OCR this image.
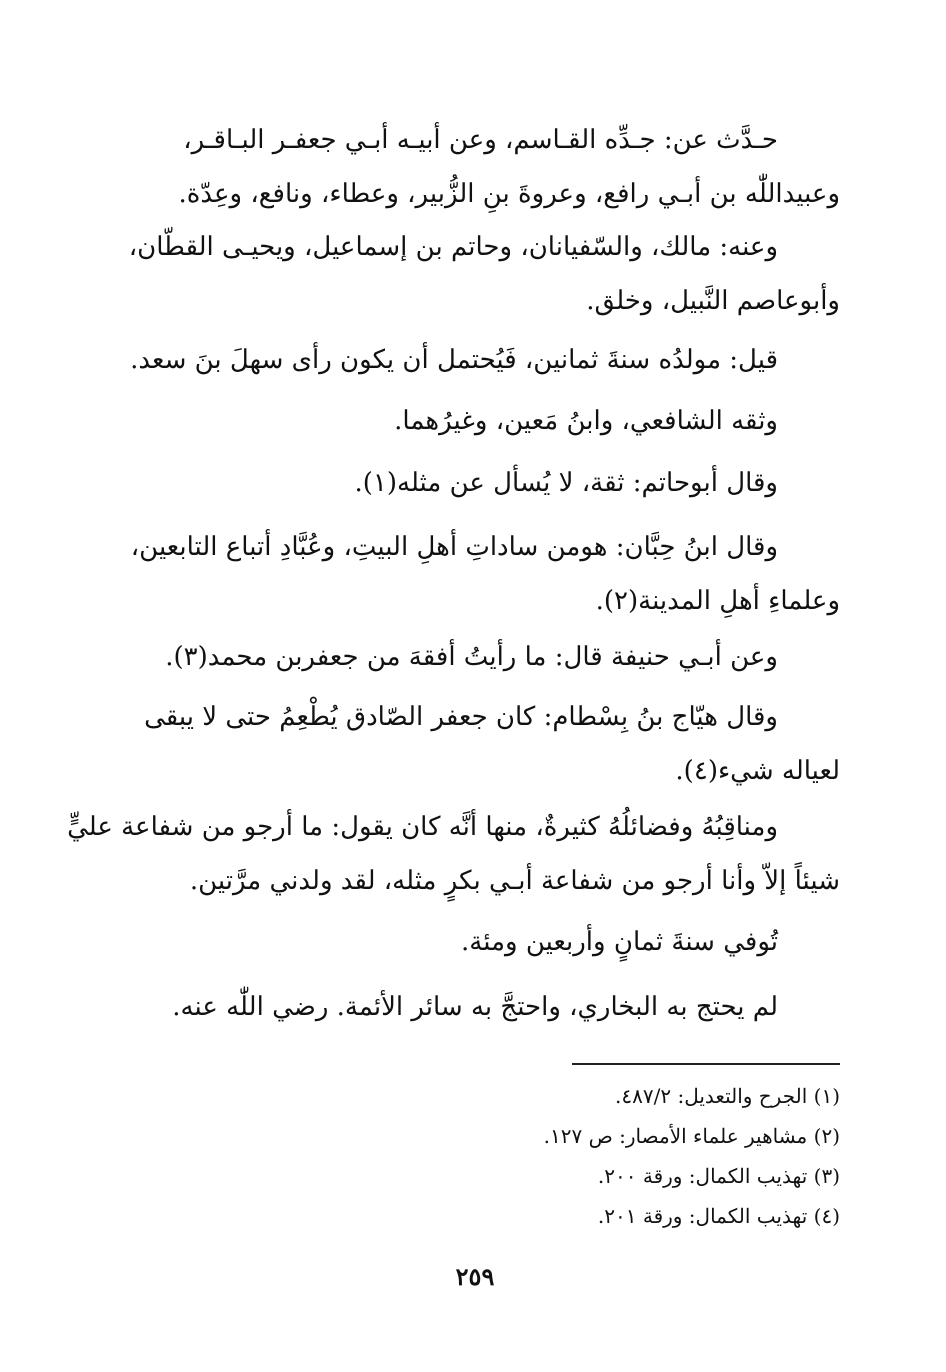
حـدَّث عن: جـدِّه القـاسم، وعن أبيـه أبـي جعفـر البـاقـر،
وعبيداللّٰه بن أبـي رافع، وعروةَ بنِ الزُّبير، وعطاء، ونافع، وعِدّة.

وعنه: مالك، والسّفيانان، وحاتم بن إسماعيل، ويحيـى القطّان،
وأبوعاصم النَّبيل، وخلق.

قيل: مولدُه سنةَ ثمانين، فَيُحتمل أن يكون رأى سهلَ بنَ سعد.

وثقه الشافعي، وابنُ مَعين، وغيرُهما.

وقال أبوحاتم: ثقة، لا يُسأل عن مثله(١).

وقال ابنُ حِبَّان: هومن ساداتِ أهلِ البيتِ، وعُبَّادِ أتباع التابعين،
وعلماءِ أهلِ المدينة(٢).

وعن أبـي حنيفة قال: ما رأيتُ أفقهَ من جعفربن محمد(٣).

وقال هيّاج بنُ بِسْطام: كان جعفر الصّادق يُطْعِمُ حتى لا يبقى
لعياله شيء(٤).

ومناقِبُهُ وفضائلُهُ كثيرةٌ، منها أنَّه كان يقول: ما أرجو من شفاعة عليٍّ
شيئاً إلاّ وأنا أرجو من شفاعة أبـي بكرٍ مثله، لقد ولدني مرَّتين.

تُوفي سنةَ ثمانٍ وأربعين ومئة.

لم يحتج به البخاري، واحتجَّ به سائر الأئمة. رضي اللّٰه عنه.

(١) الجرح والتعديل: ٤٨٧/٢.
(٢) مشاهير علماء الأمصار: ص ١٢٧.
(٣) تهذيب الكمال: ورقة ٢٠٠.
(٤) تهذيب الكمال: ورقة ٢٠١.
٢٥٩
